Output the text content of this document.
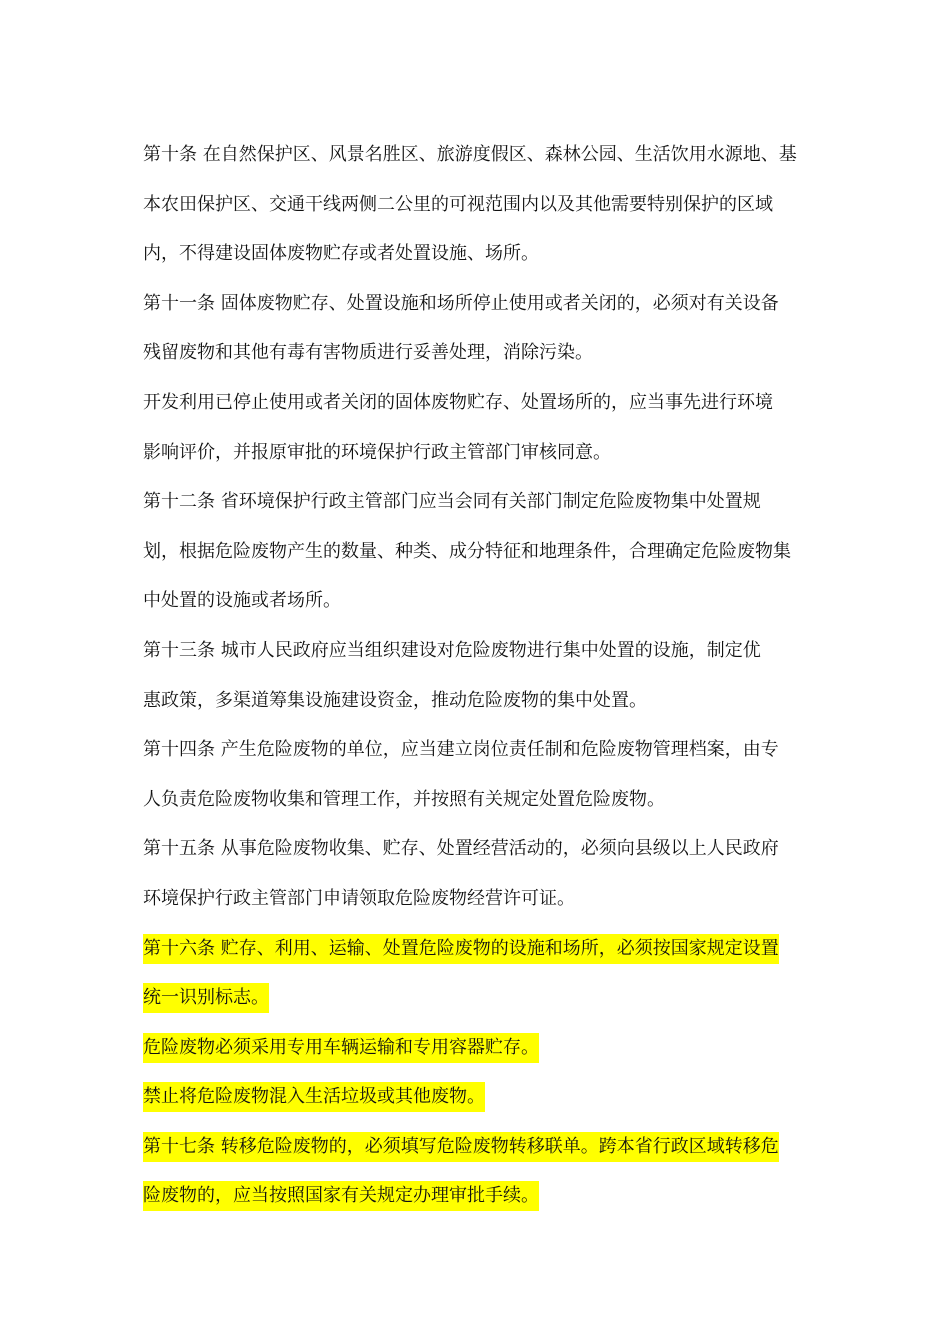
第十条 在自然保护区、风景名胜区、旅游度假区、森林公园、生活饮用水源地、基
本农田保护区、交通干线两侧二公里的可视范围内以及其他需要特别保护的区域
内，不得建设固体废物贮存或者处置设施、场所。
第十一条 固体废物贮存、处置设施和场所停止使用或者关闭的，必须对有关设备
残留废物和其他有毒有害物质进行妥善处理，消除污染。
开发利用已停止使用或者关闭的固体废物贮存、处置场所的，应当事先进行环境
影响评价，并报原审批的环境保护行政主管部门审核同意。
第十二条 省环境保护行政主管部门应当会同有关部门制定危险废物集中处置规
划，根据危险废物产生的数量、种类、成分特征和地理条件，合理确定危险废物集
中处置的设施或者场所。
第十三条 城市人民政府应当组织建设对危险废物进行集中处置的设施，制定优
惠政策，多渠道筹集设施建设资金，推动危险废物的集中处置。
第十四条 产生危险废物的单位，应当建立岗位责任制和危险废物管理档案，由专
人负责危险废物收集和管理工作，并按照有关规定处置危险废物。
第十五条 从事危险废物收集、贮存、处置经营活动的，必须向县级以上人民政府
环境保护行政主管部门申请领取危险废物经营许可证。
第十六条 贮存、利用、运输、处置危险废物的设施和场所，必须按国家规定设置
统一识别标志。
危险废物必须采用专用车辆运输和专用容器贮存。
禁止将危险废物混入生活垃圾或其他废物。
第十七条 转移危险废物的，必须填写危险废物转移联单。跨本省行政区域转移危
险废物的，应当按照国家有关规定办理审批手续。
